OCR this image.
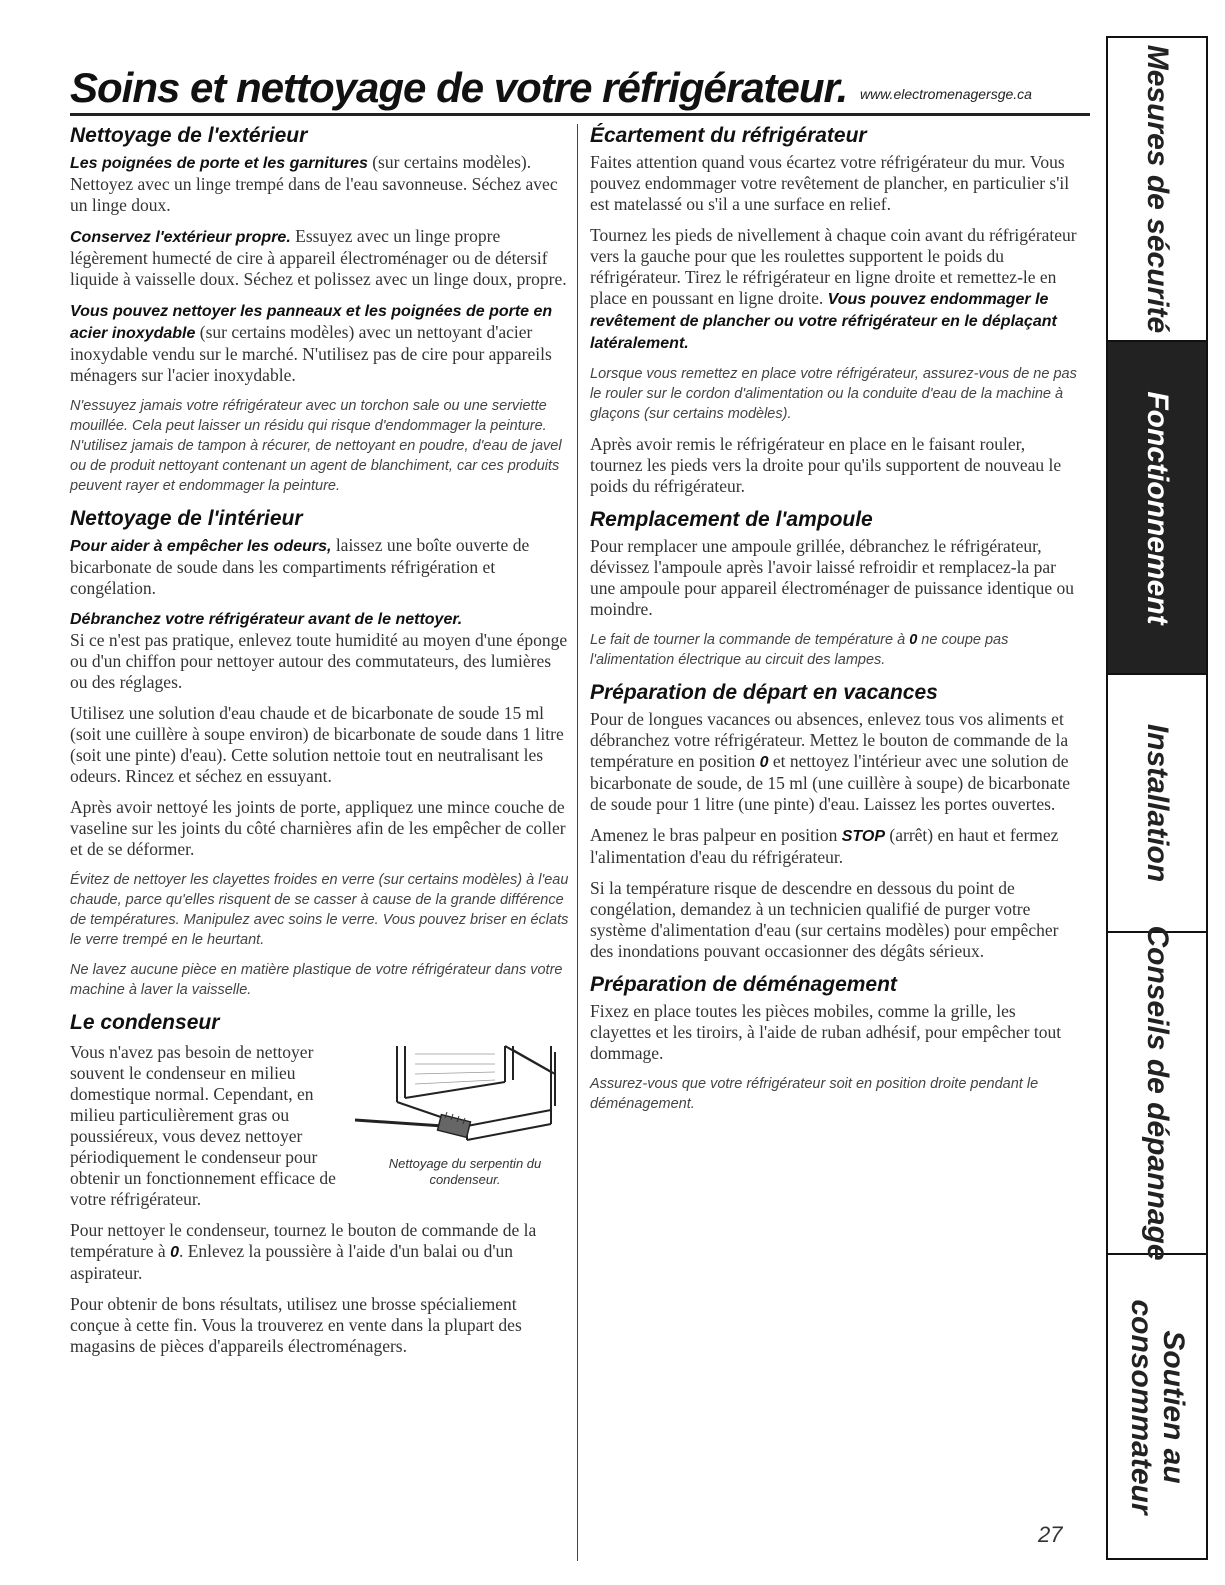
Soins et nettoyage de votre réfrigérateur. www.electromenagersge.ca
Nettoyage de l'extérieur

Les poignées de porte et les garnitures (sur certains modèles). Nettoyez avec un linge trempé dans de l'eau savonneuse. Séchez avec un linge doux.

Conservez l'extérieur propre. Essuyez avec un linge propre légèrement humecté de cire à appareil électroménager ou de détersif liquide à vaisselle doux. Séchez et polissez avec un linge doux, propre.

Vous pouvez nettoyer les panneaux et les poignées de porte en acier inoxydable (sur certains modèles) avec un nettoyant d'acier inoxydable vendu sur le marché. N'utilisez pas de cire pour appareils ménagers sur l'acier inoxydable.

N'essuyez jamais votre réfrigérateur avec un torchon sale ou une serviette mouillée. Cela peut laisser un résidu qui risque d'endommager la peinture. N'utilisez jamais de tampon à récurer, de nettoyant en poudre, d'eau de javel ou de produit nettoyant contenant un agent de blanchiment, car ces produits peuvent rayer et endommager la peinture.

Nettoyage de l'intérieur

Pour aider à empêcher les odeurs, laissez une boîte ouverte de bicarbonate de soude dans les compartiments réfrigération et congélation.

Débranchez votre réfrigérateur avant de le nettoyer.
Si ce n'est pas pratique, enlevez toute humidité au moyen d'une éponge ou d'un chiffon pour nettoyer autour des commutateurs, des lumières ou des réglages.

Utilisez une solution d'eau chaude et de bicarbonate de soude 15 ml (soit une cuillère à soupe environ) de bicarbonate de soude dans 1 litre (soit une pinte) d'eau). Cette solution nettoie tout en neutralisant les odeurs. Rincez et séchez en essuyant.

Après avoir nettoyé les joints de porte, appliquez une mince couche de vaseline sur les joints du côté charnières afin de les empêcher de coller et de se déformer.

Évitez de nettoyer les clayettes froides en verre (sur certains modèles) à l'eau chaude, parce qu'elles risquent de se casser à cause de la grande différence de températures. Manipulez avec soins le verre. Vous pouvez briser en éclats le verre trempé en le heurtant.

Ne lavez aucune pièce en matière plastique de votre réfrigérateur dans votre machine à laver la vaisselle.

Le condenseur
Nettoyage du serpentin du condenseur.

Vous n'avez pas besoin de nettoyer souvent le condenseur en milieu domestique normal. Cependant, en milieu particulièrement gras ou poussiéreux, vous devez nettoyer périodiquement le condenseur pour obtenir un fonctionnement efficace de votre réfrigérateur.

Pour nettoyer le condenseur, tournez le bouton de commande de la température à 0. Enlevez la poussière à l'aide d'un balai ou d'un aspirateur.

Pour obtenir de bons résultats, utilisez une brosse spécialiement conçue à cette fin. Vous la trouverez en vente dans la plupart des magasins de pièces d'appareils électroménagers.

Écartement du réfrigérateur

Faites attention quand vous écartez votre réfrigérateur du mur. Vous pouvez endommager votre revêtement de plancher, en particulier s'il est matelassé ou s'il a une surface en relief.

Tournez les pieds de nivellement à chaque coin avant du réfrigérateur vers la gauche pour que les roulettes supportent le poids du réfrigérateur. Tirez le réfrigérateur en ligne droite et remettez-le en place en poussant en ligne droite. Vous pouvez endommager le revêtement de plancher ou votre réfrigérateur en le déplaçant latéralement.

Lorsque vous remettez en place votre réfrigérateur, assurez-vous de ne pas le rouler sur le cordon d'alimentation ou la conduite d'eau de la machine à glaçons (sur certains modèles).

Après avoir remis le réfrigérateur en place en le faisant rouler, tournez les pieds vers la droite pour qu'ils supportent de nouveau le poids du réfrigérateur.

Remplacement de l'ampoule

Pour remplacer une ampoule grillée, débranchez le réfrigérateur, dévissez l'ampoule après l'avoir laissé refroidir et remplacez-la par une ampoule pour appareil électroménager de puissance identique ou moindre.

Le fait de tourner la commande de température à 0 ne coupe pas l'alimentation électrique au circuit des lampes.

Préparation de départ en vacances

Pour de longues vacances ou absences, enlevez tous vos aliments et débranchez votre réfrigérateur. Mettez le bouton de commande de la température en position 0 et nettoyez l'intérieur avec une solution de bicarbonate de soude, de 15 ml (une cuillère à soupe) de bicarbonate de soude pour 1 litre (une pinte) d'eau. Laissez les portes ouvertes.

Amenez le bras palpeur en position STOP (arrêt) en haut et fermez l'alimentation d'eau du réfrigérateur.

Si la température risque de descendre en dessous du point de congélation, demandez à un technicien qualifié de purger votre système d'alimentation d'eau (sur certains modèles) pour empêcher des inondations pouvant occasionner des dégâts sérieux.

Préparation de déménagement

Fixez en place toutes les pièces mobiles, comme la grille, les clayettes et les tiroirs, à l'aide de ruban adhésif, pour empêcher tout dommage.

Assurez-vous que votre réfrigérateur soit en position droite pendant le déménagement.

27
Mesures de sécurité
Fonctionnement
Installation
Conseils de dépannage
Soutien au consommateur
